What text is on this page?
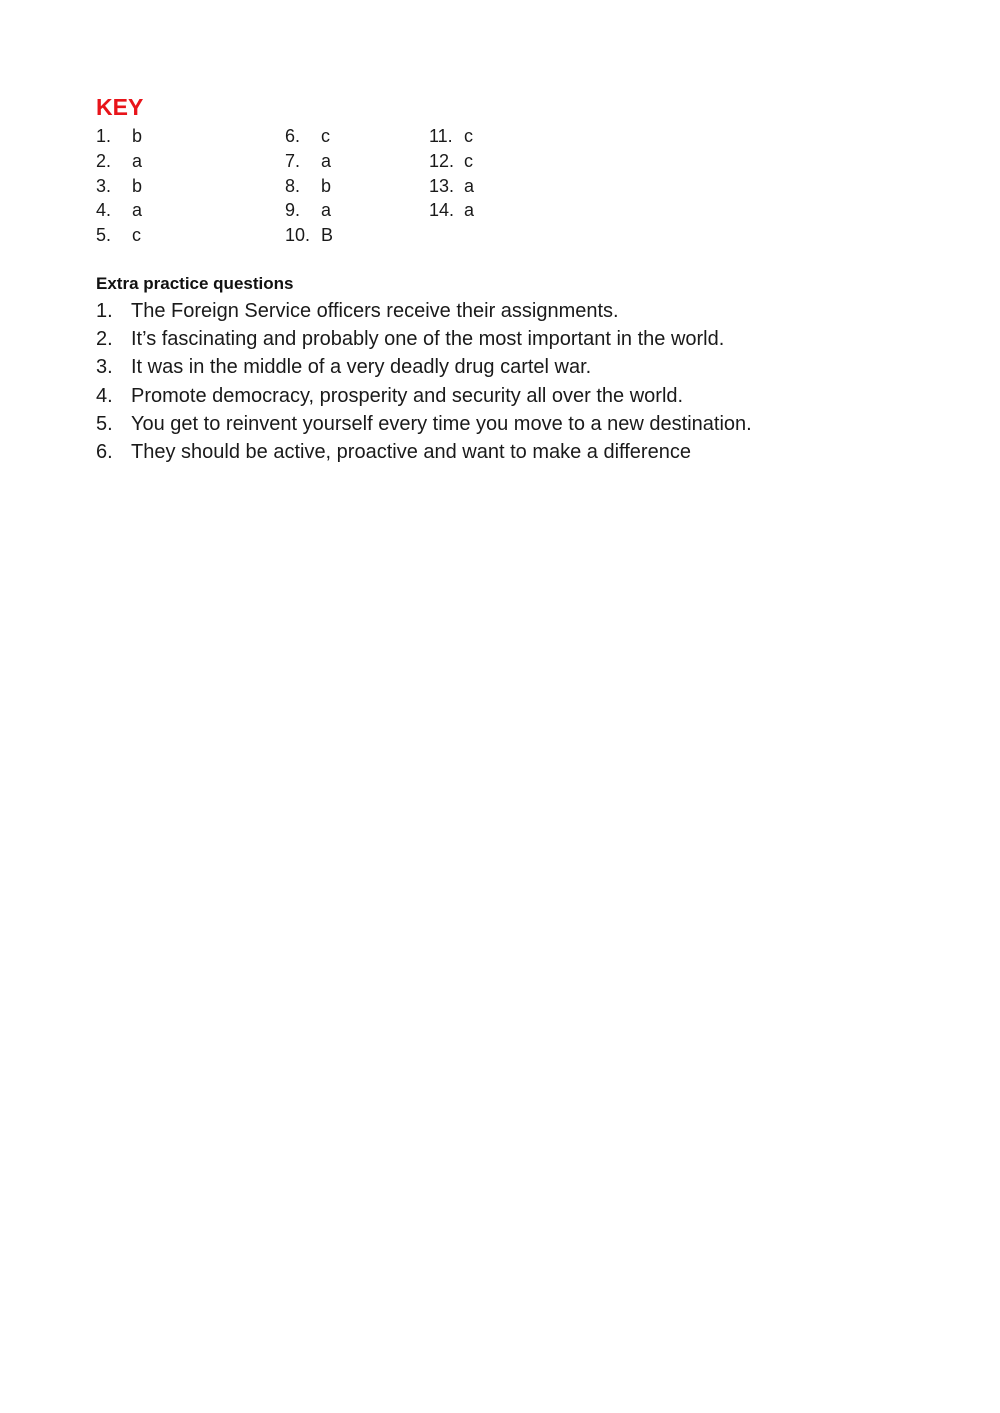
KEY
1.	b
2.	a
3.	b
4.	a
5.	c
6.	c
7.	a
8.	b
9.	a
10. B
11. c
12. c
13. a
14. a
Extra practice questions
1. The Foreign Service officers receive their assignments.
2. It’s fascinating and probably one of the most important in the world.
3. It was in the middle of a very deadly drug cartel war.
4. Promote democracy, prosperity and security all over the world.
5. You get to reinvent yourself every time you move to a new destination.
6. They should be active, proactive and want to make a difference
